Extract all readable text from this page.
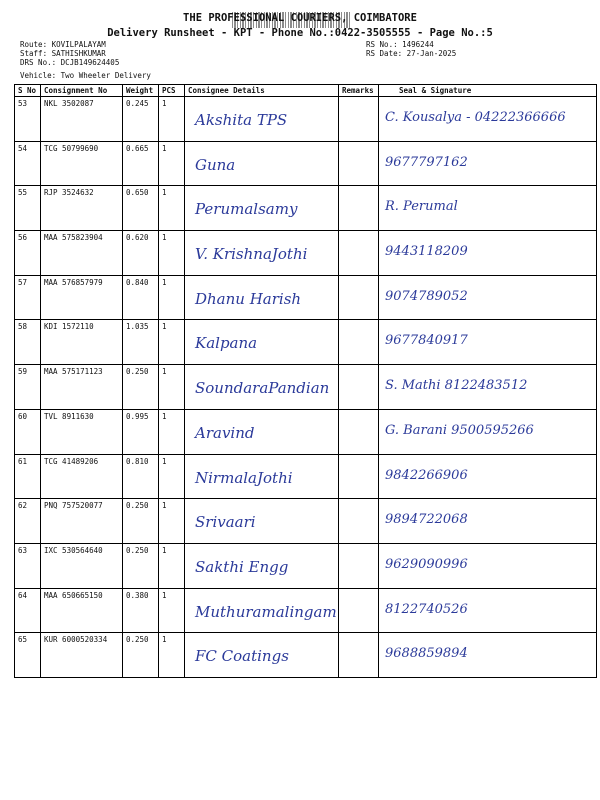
THE PROFESSIONAL COURIERS, COIMBATORE
Delivery Runsheet - KPT - Phone No.:0422-3505555 - Page No.:5
Route: KOVILPALAYAM
Staff: SATHISHKUMAR
DRS No.: DCJB149624405
RS No.: 1496244
RS Date: 27-Jan-2025
Vehicle: Two Wheeler Delivery
S No	Consignment No	Weight	PCS	Consignee Details	Remarks	Seal & Signature
53	NKL 3502087	0.245	1	Akshita TPS		C. Kousalya - 04222366666

54	TCG 50799690	0.665	1	Guna		9677797162

55	RJP 3524632	0.650	1	Perumalsamy		R. Perumal

56	MAA 575823904	0.620	1	V. KrishnaJothi		9443118209

57	MAA 576857979	0.840	1	Dhanu Harish		9074789052

58	KDI 1572110	1.035	1	Kalpana		9677840917

59	MAA 575171123	0.250	1	SoundaraPandian		S. Mathi 8122483512

60	TVL 8911630	0.995	1	Aravind		G. Barani 9500595266

61	TCG 41489206	0.810	1	NirmalaJothi		9842266906

62	PNQ 757520077	0.250	1	Srivaari		9894722068

63	IXC 530564640	0.250	1	Sakthi Engg		9629090996

64	MAA 650665150	0.380	1	Muthuramalingam		8122740526

65	KUR 6000520334	0.250	1	FC Coatings		9688859894
